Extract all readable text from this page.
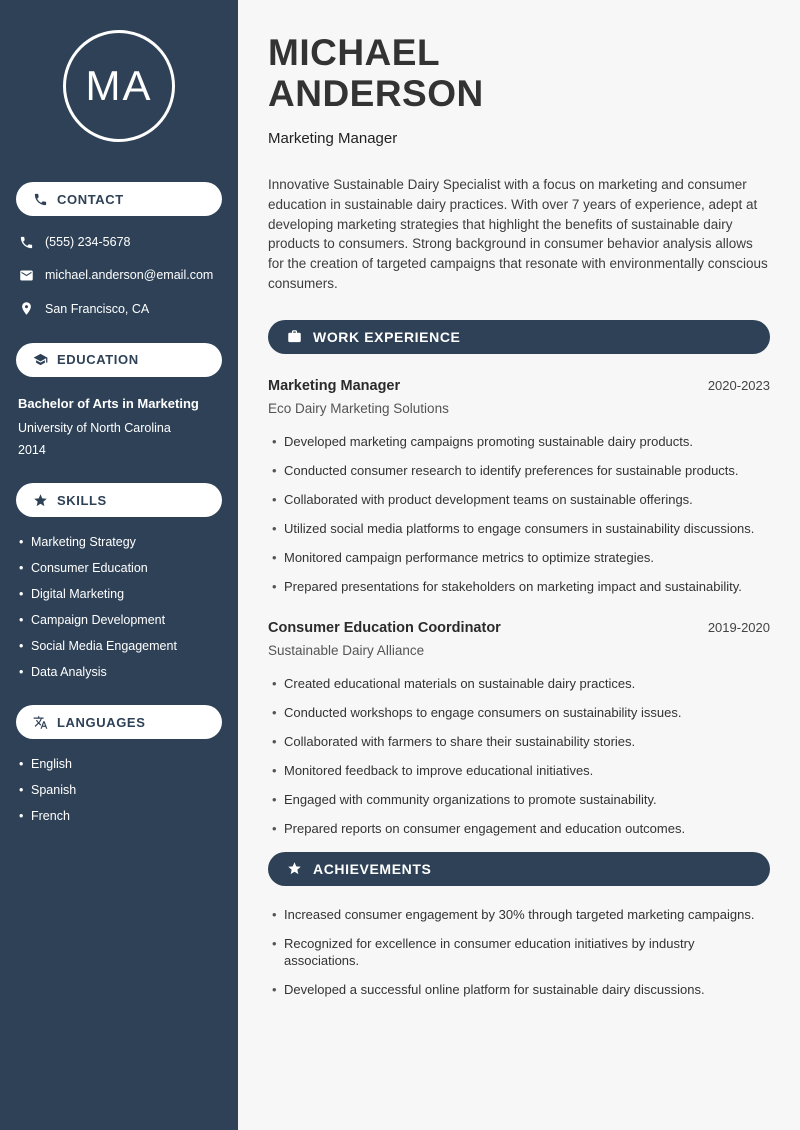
MA
CONTACT
(555) 234-5678
michael.anderson@email.com
San Francisco, CA
EDUCATION
Bachelor of Arts in Marketing
University of North Carolina
2014
SKILLS
• Marketing Strategy
• Consumer Education
• Digital Marketing
• Campaign Development
• Social Media Engagement
• Data Analysis
LANGUAGES
• English
• Spanish
• French
MICHAEL
ANDERSON
Marketing Manager

Innovative Sustainable Dairy Specialist with a focus on marketing and consumer education in sustainable dairy practices. With over 7 years of experience, adept at developing marketing strategies that highlight the benefits of sustainable dairy products to consumers. Strong background in consumer behavior analysis allows for the creation of targeted campaigns that resonate with environmentally conscious consumers.

WORK EXPERIENCE
Marketing Manager	2020-2023
Eco Dairy Marketing Solutions
• Developed marketing campaigns promoting sustainable dairy products.
• Conducted consumer research to identify preferences for sustainable products.
• Collaborated with product development teams on sustainable offerings.
• Utilized social media platforms to engage consumers in sustainability discussions.
• Monitored campaign performance metrics to optimize strategies.
• Prepared presentations for stakeholders on marketing impact and sustainability.
Consumer Education Coordinator	2019-2020
Sustainable Dairy Alliance
• Created educational materials on sustainable dairy practices.
• Conducted workshops to engage consumers on sustainability issues.
• Collaborated with farmers to share their sustainability stories.
• Monitored feedback to improve educational initiatives.
• Engaged with community organizations to promote sustainability.
• Prepared reports on consumer engagement and education outcomes.
ACHIEVEMENTS
• Increased consumer engagement by 30% through targeted marketing campaigns.
• Recognized for excellence in consumer education initiatives by industry associations.
• Developed a successful online platform for sustainable dairy discussions.
